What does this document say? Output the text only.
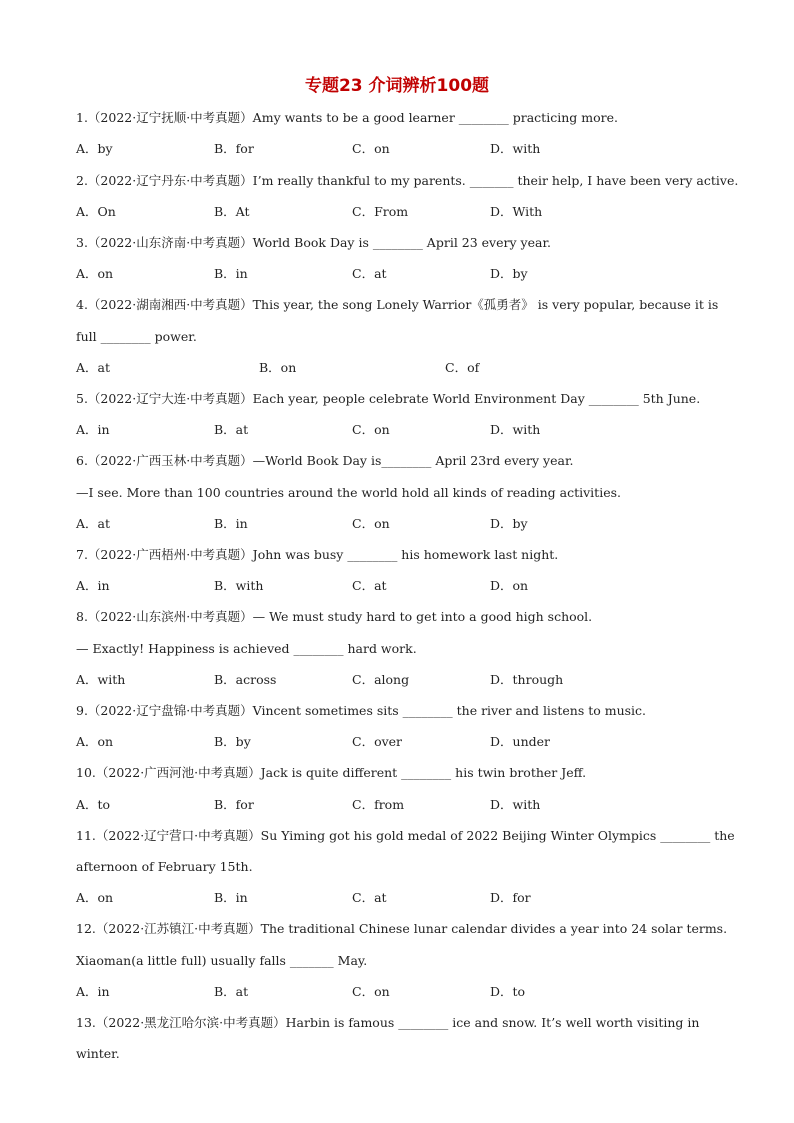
专题23 介词辨析100题
1.（2022·辽宁抚顺·中考真题）Amy wants to be a good learner ________ practicing more.
A．by	B．for	C．on	D．with
2.（2022·辽宁丹东·中考真题）I’m really thankful to my parents. _______ their help, I have been very active.
A．On	B．At	C．From	D．With
3.（2022·山东济南·中考真题）World Book Day is ________ April 23 every year.
A．on	B．in	C．at	D．by
4.（2022·湖南湘西·中考真题）This year, the song Lonely Warrior《孤勇者》 is very popular, because it is
full ________ power.
A．at	B．on	C．of
5.（2022·辽宁大连·中考真题）Each year, people celebrate World Environment Day ________ 5th June.
A．in	B．at	C．on	D．with
6.（2022·广西玉林·中考真题）—World Book Day is________ April 23rd every year.
—I see. More than 100 countries around the world hold all kinds of reading activities.
A．at	B．in	C．on	D．by
7.（2022·广西梧州·中考真题）John was busy ________ his homework last night.
A．in	B．with	C．at	D．on
8.（2022·山东滨州·中考真题）— We must study hard to get into a good high school.
— Exactly! Happiness is achieved ________ hard work.
A．with	B．across	C．along	D．through
9.（2022·辽宁盘锦·中考真题）Vincent sometimes sits ________ the river and listens to music.
A．on	B．by	C．over	D．under
10.（2022·广西河池·中考真题）Jack is quite different ________ his twin brother Jeff.
A．to	B．for	C．from	D．with
11.（2022·辽宁营口·中考真题）Su Yiming got his gold medal of 2022 Beijing Winter Olympics ________ the
afternoon of February 15th.
A．on	B．in	C．at	D．for
12.（2022·江苏镇江·中考真题）The traditional Chinese lunar calendar divides a year into 24 solar terms.
Xiaoman(a little full) usually falls _______ May.
A．in	B．at	C．on	D．to
13.（2022·黑龙江哈尔滨·中考真题）Harbin is famous ________ ice and snow. It’s well worth visiting in
winter.
